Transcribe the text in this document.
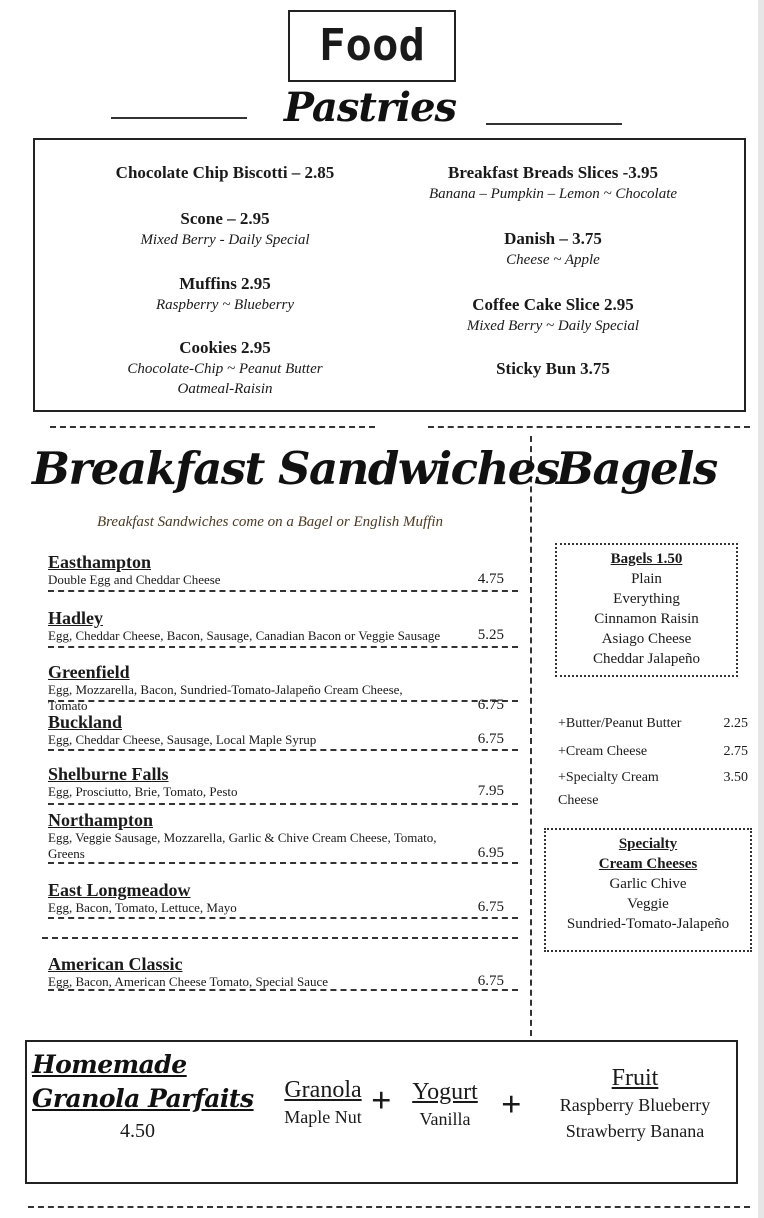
Food
Pastries
Chocolate Chip Biscotti – 2.85
Scone – 2.95
Mixed Berry - Daily Special
Muffins 2.95
Raspberry ~ Blueberry
Cookies 2.95
Chocolate-Chip ~ Peanut Butter
Oatmeal-Raisin
Breakfast Breads Slices -3.95
Banana – Pumpkin – Lemon ~ Chocolate
Danish – 3.75
Cheese ~ Apple
Coffee Cake Slice 2.95
Mixed Berry ~ Daily Special
Sticky Bun 3.75
Breakfast Sandwiches
Breakfast Sandwiches come on a Bagel or English Muffin
Easthampton
Double Egg and Cheddar Cheese	4.75
Hadley
Egg, Cheddar Cheese, Bacon, Sausage, Canadian Bacon or Veggie Sausage	5.25
Greenfield
Egg, Mozzarella, Bacon, Sundried-Tomato-Jalapeño Cream Cheese, Tomato	6.75
Buckland
Egg, Cheddar Cheese, Sausage, Local Maple Syrup	6.75
Shelburne Falls
Egg, Prosciutto, Brie, Tomato, Pesto	7.95
Northampton
Egg, Veggie Sausage, Mozzarella, Garlic & Chive Cream Cheese, Tomato, Greens	6.95
East Longmeadow
Egg, Bacon, Tomato, Lettuce, Mayo	6.75
American Classic
Egg, Bacon, American Cheese Tomato, Special Sauce	6.75
Bagels
Bagels 1.50
Plain
Everything
Cinnamon Raisin
Asiago Cheese
Cheddar Jalapeño
+Butter/Peanut Butter	2.25
+Cream Cheese	2.75
+Specialty Cream	3.50
Cheese
Specialty
Cream Cheeses
Garlic Chive
Veggie
Sundried-Tomato-Jalapeño
Homemade
Granola Parfaits
4.50
Granola
Maple Nut + Yogurt
Vanilla +
Fruit
Raspberry Blueberry
Strawberry Banana
